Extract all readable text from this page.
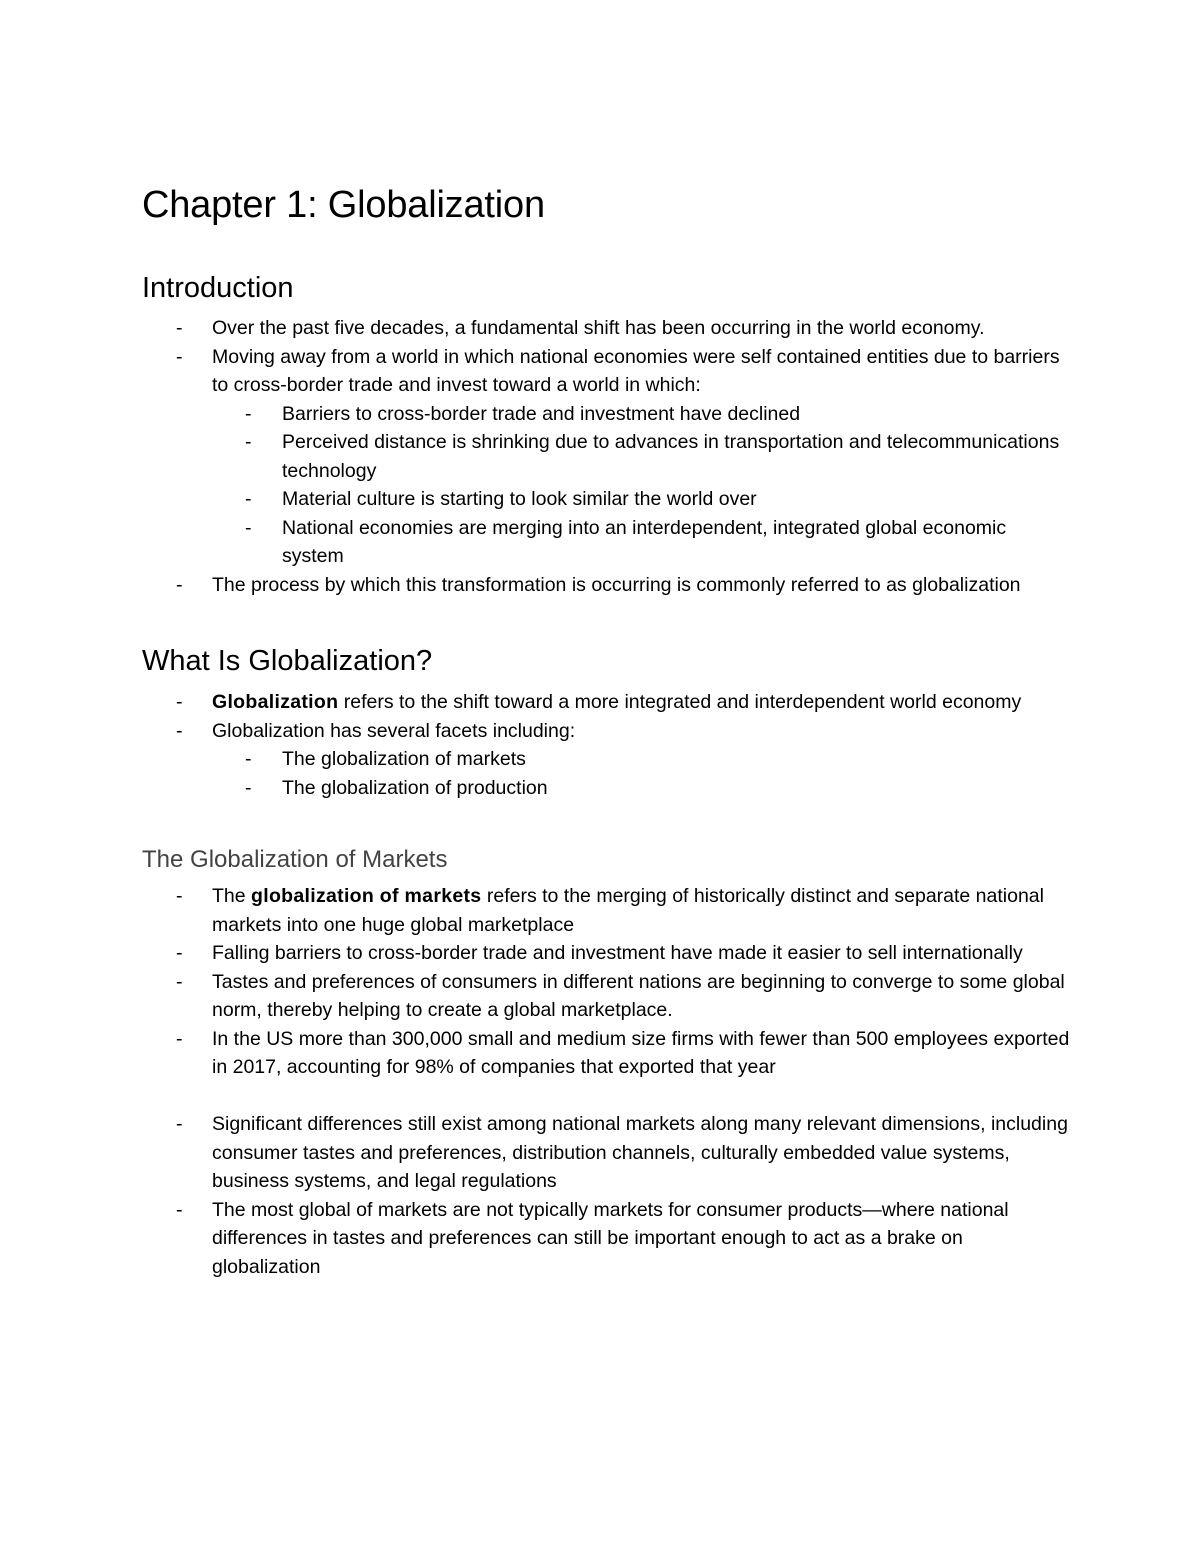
Chapter 1: Globalization
Introduction
- Over the past five decades, a fundamental shift has been occurring in the world economy.
- Moving away from a world in which national economies were self contained entities due to barriers to cross-border trade and invest toward a world in which:
- Barriers to cross-border trade and investment have declined
- Perceived distance is shrinking due to advances in transportation and telecommunications technology
- Material culture is starting to look similar the world over
- National economies are merging into an interdependent, integrated global economic system
- The process by which this transformation is occurring is commonly referred to as globalization
What Is Globalization?
- Globalization refers to the shift toward a more integrated and interdependent world economy
- Globalization has several facets including:
- The globalization of markets
- The globalization of production
The Globalization of Markets
- The globalization of markets refers to the merging of historically distinct and separate national markets into one huge global marketplace
- Falling barriers to cross-border trade and investment have made it easier to sell internationally
- Tastes and preferences of consumers in different nations are beginning to converge to some global norm, thereby helping to create a global marketplace.
- In the US more than 300,000 small and medium size firms with fewer than 500 employees exported in 2017, accounting for 98% of companies that exported that year
- Significant differences still exist among national markets along many relevant dimensions, including consumer tastes and preferences, distribution channels, culturally embedded value systems, business systems, and legal regulations
- The most global of markets are not typically markets for consumer products—where national differences in tastes and preferences can still be important enough to act as a brake on globalization
